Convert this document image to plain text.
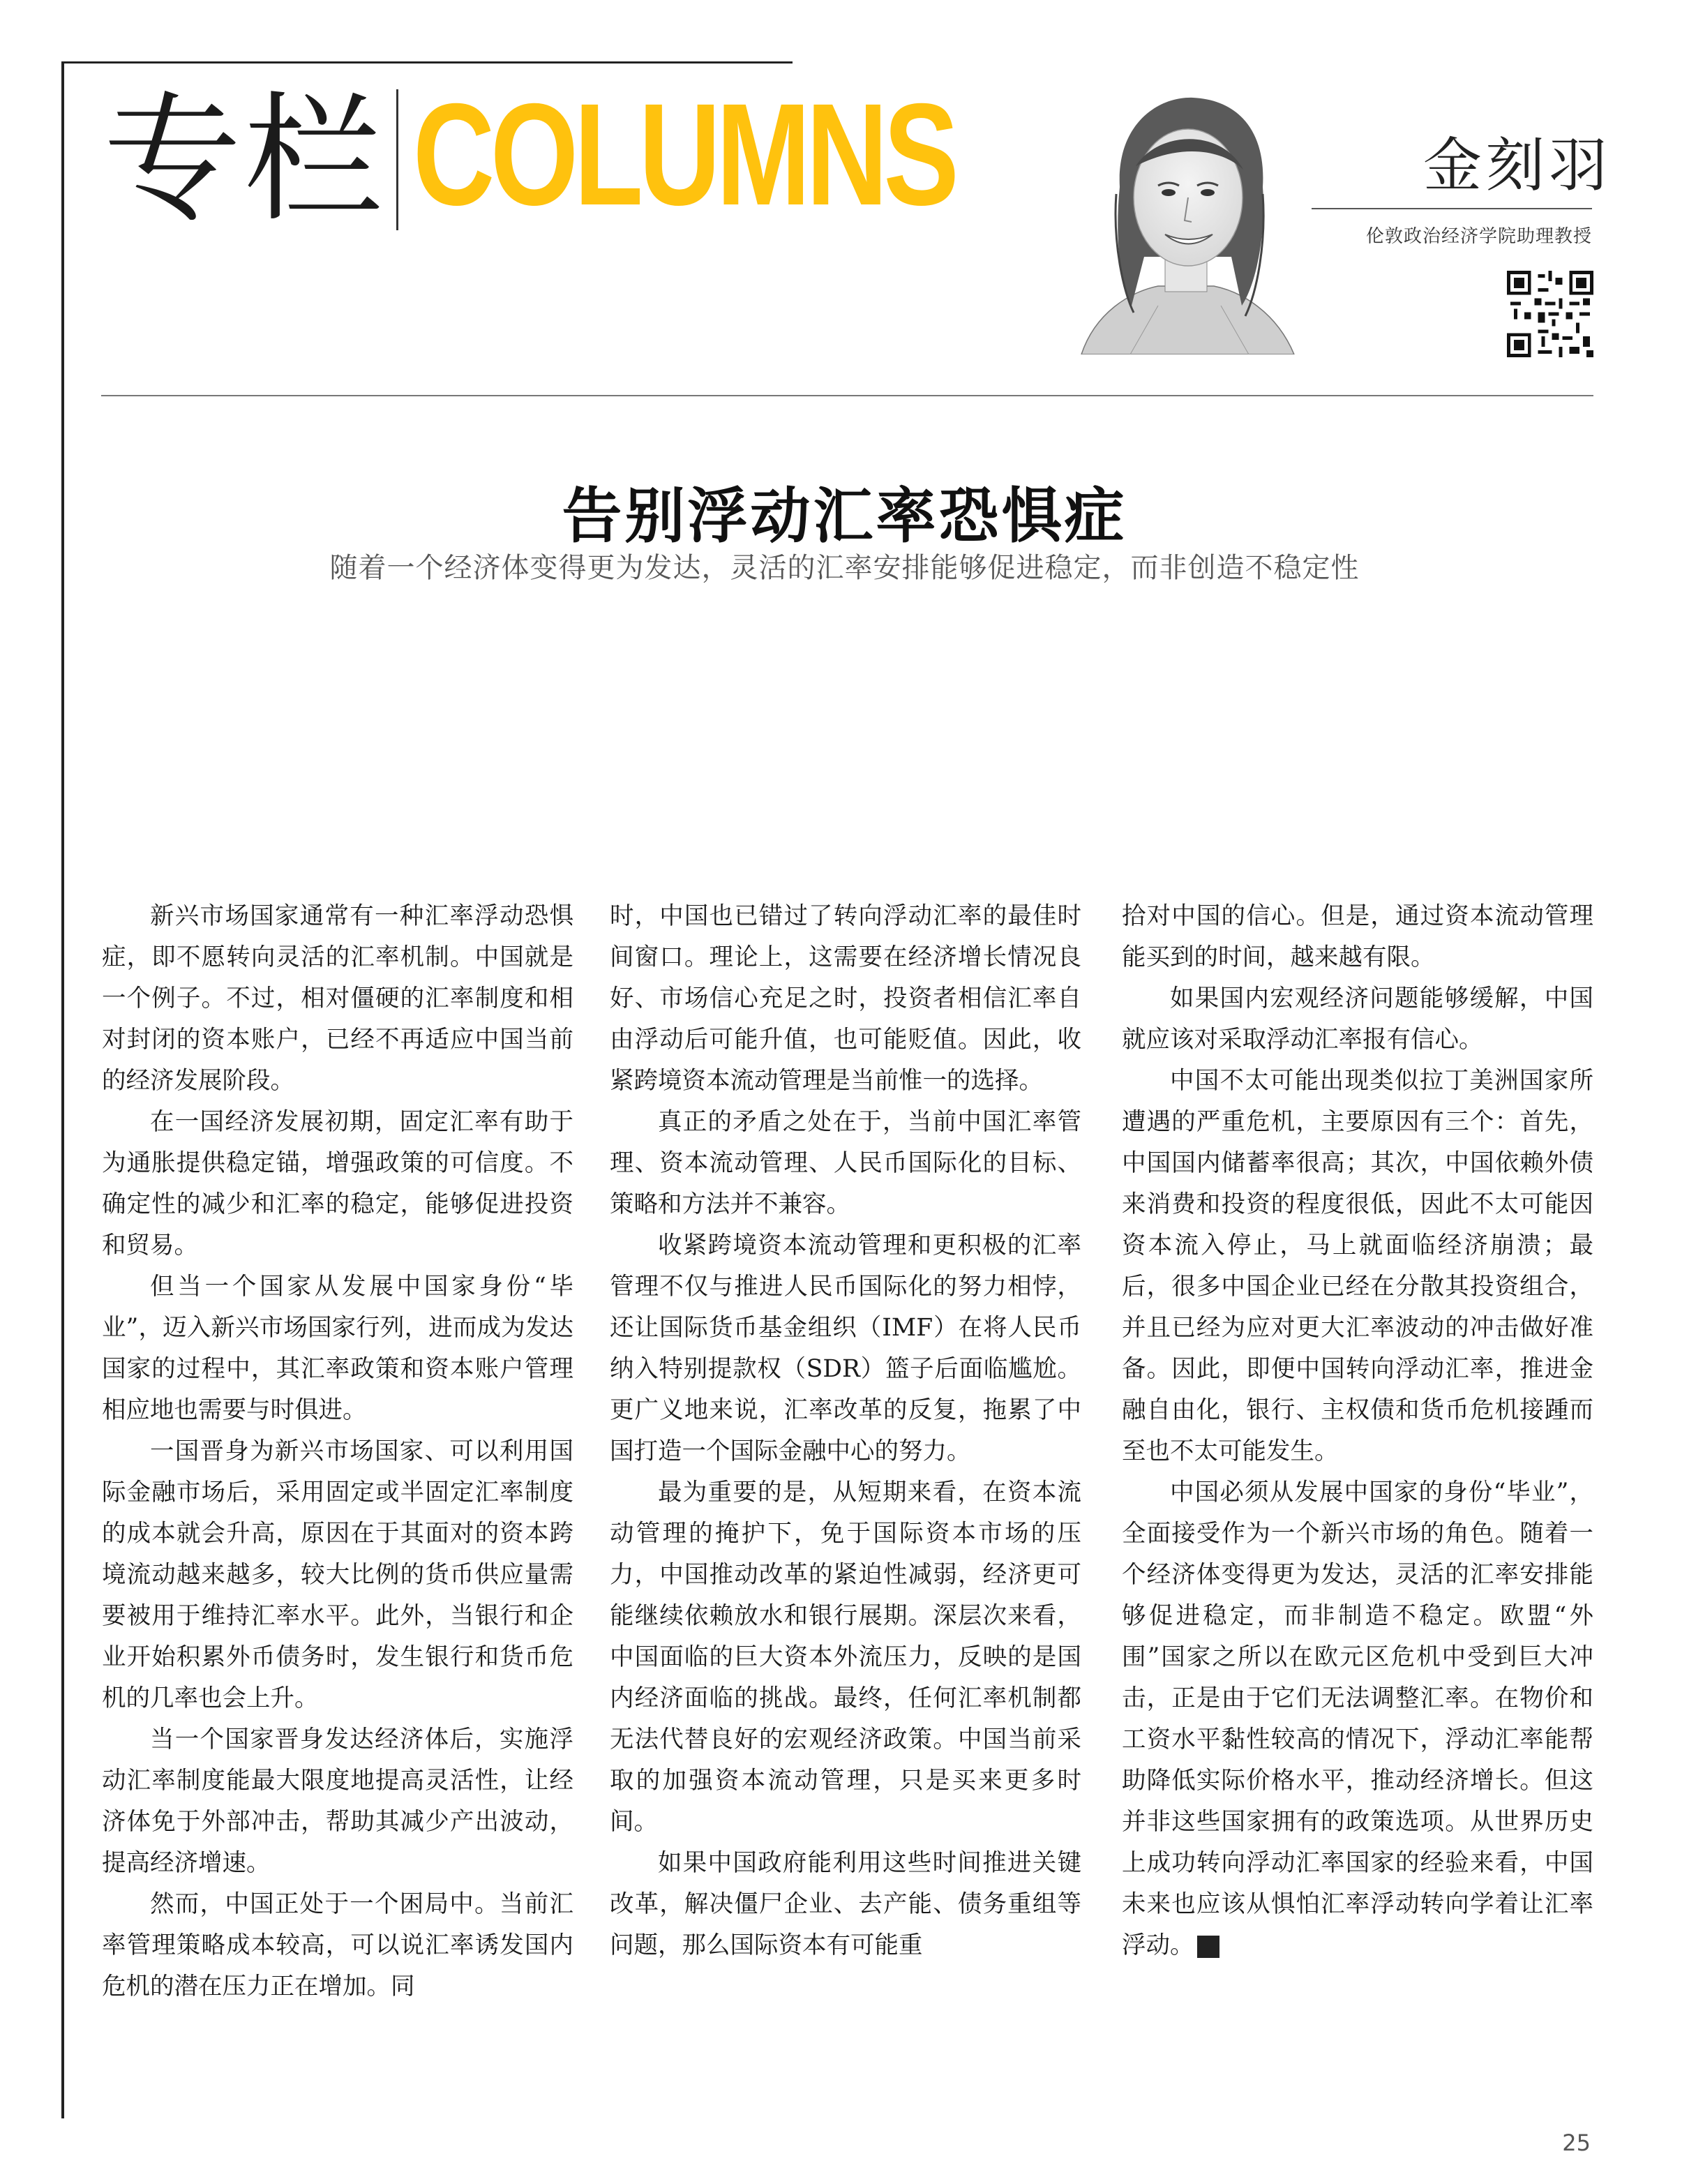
专栏 COLUMNS	金刻羽
伦敦政治经济学院助理教授
告别浮动汇率恐惧症
随着一个经济体变得更为发达，灵活的汇率安排能够促进稳定，而非创造不稳定性

新兴市场国家通常有一种汇率浮动恐惧症，即不愿转向灵活的汇率机制。中国就是一个例子。不过，相对僵硬的汇率制度和相对封闭的资本账户，已经不再适应中国当前的经济发展阶段。

在一国经济发展初期，固定汇率有助于为通胀提供稳定锚，增强政策的可信度。不确定性的减少和汇率的稳定，能够促进投资和贸易。

但当一个国家从发展中国家身份“毕业”，迈入新兴市场国家行列，进而成为发达国家的过程中，其汇率政策和资本账户管理相应地也需要与时俱进。

一国晋身为新兴市场国家、可以利用国际金融市场后，采用固定或半固定汇率制度的成本就会升高，原因在于其面对的资本跨境流动越来越多，较大比例的货币供应量需要被用于维持汇率水平。此外，当银行和企业开始积累外币债务时，发生银行和货币危机的几率也会上升。

当一个国家晋身发达经济体后，实施浮动汇率制度能最大限度地提高灵活性，让经济体免于外部冲击，帮助其减少产出波动，提高经济增速。

然而，中国正处于一个困局中。当前汇率管理策略成本较高，可以说汇率诱发国内危机的潜在压力正在增加。同

时，中国也已错过了转向浮动汇率的最佳时间窗口。理论上，这需要在经济增长情况良好、市场信心充足之时，投资者相信汇率自由浮动后可能升值，也可能贬值。因此，收紧跨境资本流动管理是当前惟一的选择。

真正的矛盾之处在于，当前中国汇率管理、资本流动管理、人民币国际化的目标、策略和方法并不兼容。

收紧跨境资本流动管理和更积极的汇率管理不仅与推进人民币国际化的努力相悖，还让国际货币基金组织（IMF）在将人民币纳入特别提款权（SDR）篮子后面临尴尬。更广义地来说，汇率改革的反复，拖累了中国打造一个国际金融中心的努力。

最为重要的是，从短期来看，在资本流动管理的掩护下，免于国际资本市场的压力，中国推动改革的紧迫性减弱，经济更可能继续依赖放水和银行展期。深层次来看，中国面临的巨大资本外流压力，反映的是国内经济面临的挑战。最终，任何汇率机制都无法代替良好的宏观经济政策。中国当前采取的加强资本流动管理，只是买来更多时间。

如果中国政府能利用这些时间推进关键改革，解决僵尸企业、去产能、债务重组等问题，那么国际资本有可能重

拾对中国的信心。但是，通过资本流动管理能买到的时间，越来越有限。

如果国内宏观经济问题能够缓解，中国就应该对采取浮动汇率报有信心。

中国不太可能出现类似拉丁美洲国家所遭遇的严重危机，主要原因有三个：首先，中国国内储蓄率很高；其次，中国依赖外债来消费和投资的程度很低，因此不太可能因资本流入停止，马上就面临经济崩溃；最后，很多中国企业已经在分散其投资组合，并且已经为应对更大汇率波动的冲击做好准备。因此，即便中国转向浮动汇率，推进金融自由化，银行、主权债和货币危机接踵而至也不太可能发生。

中国必须从发展中国家的身份“毕业”，全面接受作为一个新兴市场的角色。随着一个经济体变得更为发达，灵活的汇率安排能够促进稳定，而非制造不稳定。欧盟“外围”国家之所以在欧元区危机中受到巨大冲击，正是由于它们无法调整汇率。在物价和工资水平黏性较高的情况下，浮动汇率能帮助降低实际价格水平，推动经济增长。但这并非这些国家拥有的政策选项。从世界历史上成功转向浮动汇率国家的经验来看，中国未来也应该从惧怕汇率浮动转向学着让汇率浮动。	新

25
